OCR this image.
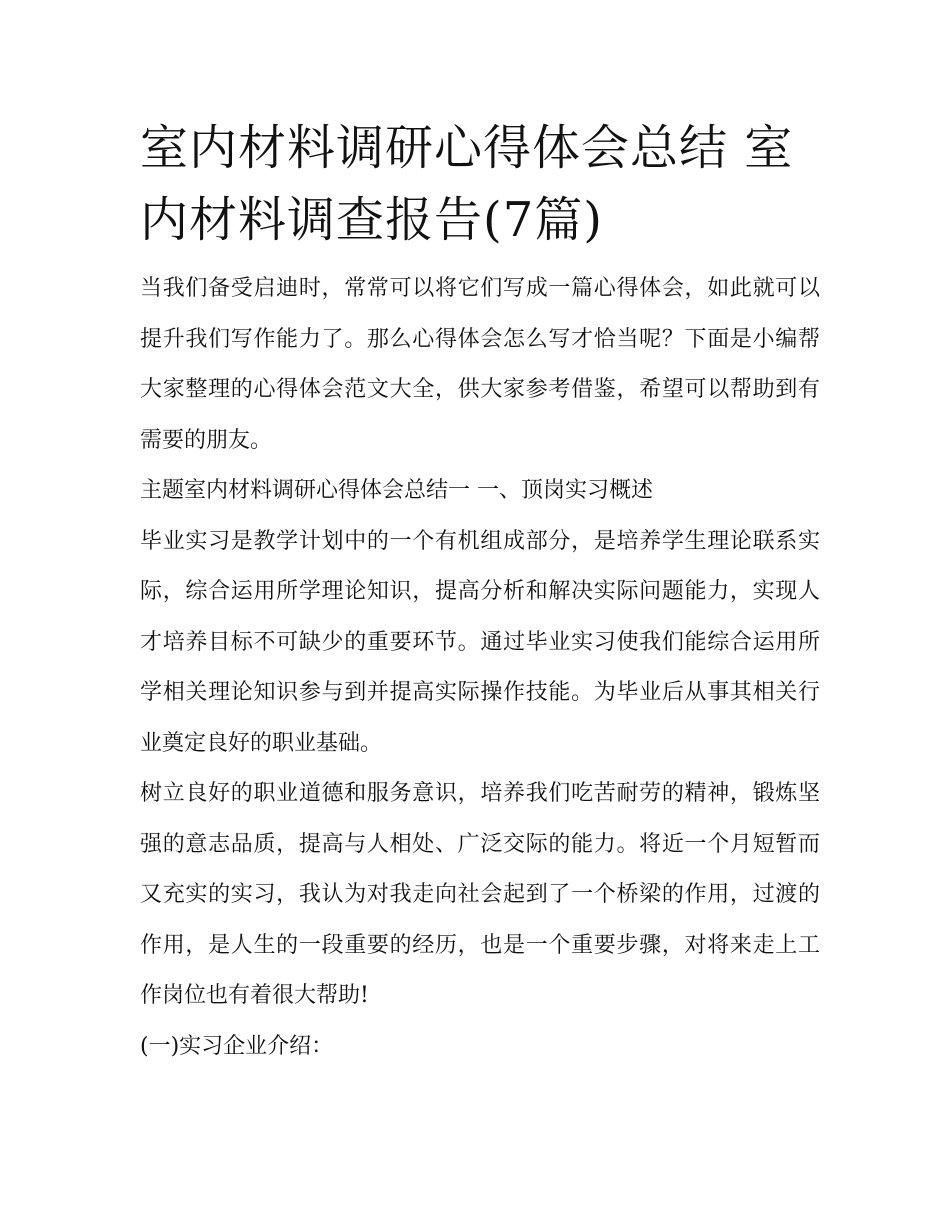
室内材料调研心得体会总结 室内材料调查报告(7篇)

当我们备受启迪时，常常可以将它们写成一篇心得体会，如此就可以提升我们写作能力了。那么心得体会怎么写才恰当呢？下面是小编帮大家整理的心得体会范文大全，供大家参考借鉴，希望可以帮助到有需要的朋友。

主题室内材料调研心得体会总结一 一、顶岗实习概述

毕业实习是教学计划中的一个有机组成部分，是培养学生理论联系实际，综合运用所学理论知识，提高分析和解决实际问题能力，实现人才培养目标不可缺少的重要环节。通过毕业实习使我们能综合运用所学相关理论知识参与到并提高实际操作技能。为毕业后从事其相关行业奠定良好的职业基础。

树立良好的职业道德和服务意识，培养我们吃苦耐劳的精神，锻炼坚强的意志品质，提高与人相处、广泛交际的能力。将近一个月短暂而又充实的实习，我认为对我走向社会起到了一个桥梁的作用，过渡的作用，是人生的一段重要的经历，也是一个重要步骤，对将来走上工作岗位也有着很大帮助!

(一)实习企业介绍：
